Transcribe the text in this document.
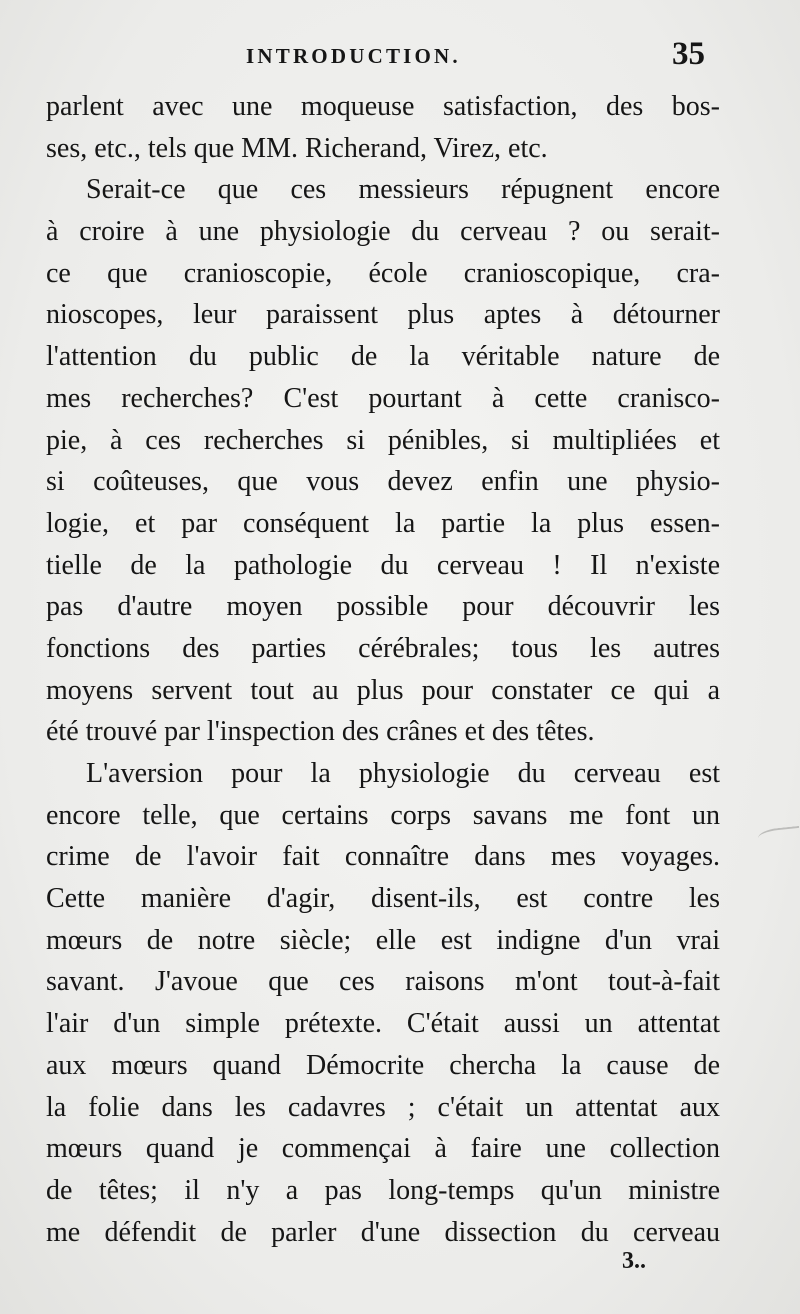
INTRODUCTION.	35
parlent avec une moqueuse satisfaction, des bos-
ses, etc., tels que MM. Richerand, Virez, etc.
Serait-ce que ces messieurs répugnent encore
à croire à une physiologie du cerveau ? ou serait-
ce que cranioscopie, école cranioscopique, cra-
nioscopes, leur paraissent plus aptes à détourner
l'attention du public de la véritable nature de
mes recherches? C'est pourtant à cette cranisco-
pie, à ces recherches si pénibles, si multipliées et
si coûteuses, que vous devez enfin une physio-
logie, et par conséquent la partie la plus essen-
tielle de la pathologie du cerveau ! Il n'existe
pas d'autre moyen possible pour découvrir les
fonctions des parties cérébrales; tous les autres
moyens servent tout au plus pour constater ce qui a
été trouvé par l'inspection des crânes et des têtes.
L'aversion pour la physiologie du cerveau est
encore telle, que certains corps savans me font un
crime de l'avoir fait connaître dans mes voyages.
Cette manière d'agir, disent-ils, est contre les
mœurs de notre siècle; elle est indigne d'un vrai
savant. J'avoue que ces raisons m'ont tout-à-fait
l'air d'un simple prétexte. C'était aussi un attentat
aux mœurs quand Démocrite chercha la cause de
la folie dans les cadavres ; c'était un attentat aux
mœurs quand je commençai à faire une collection
de têtes; il n'y a pas long-temps qu'un ministre
me défendit de parler d'une dissection du cerveau
3..
